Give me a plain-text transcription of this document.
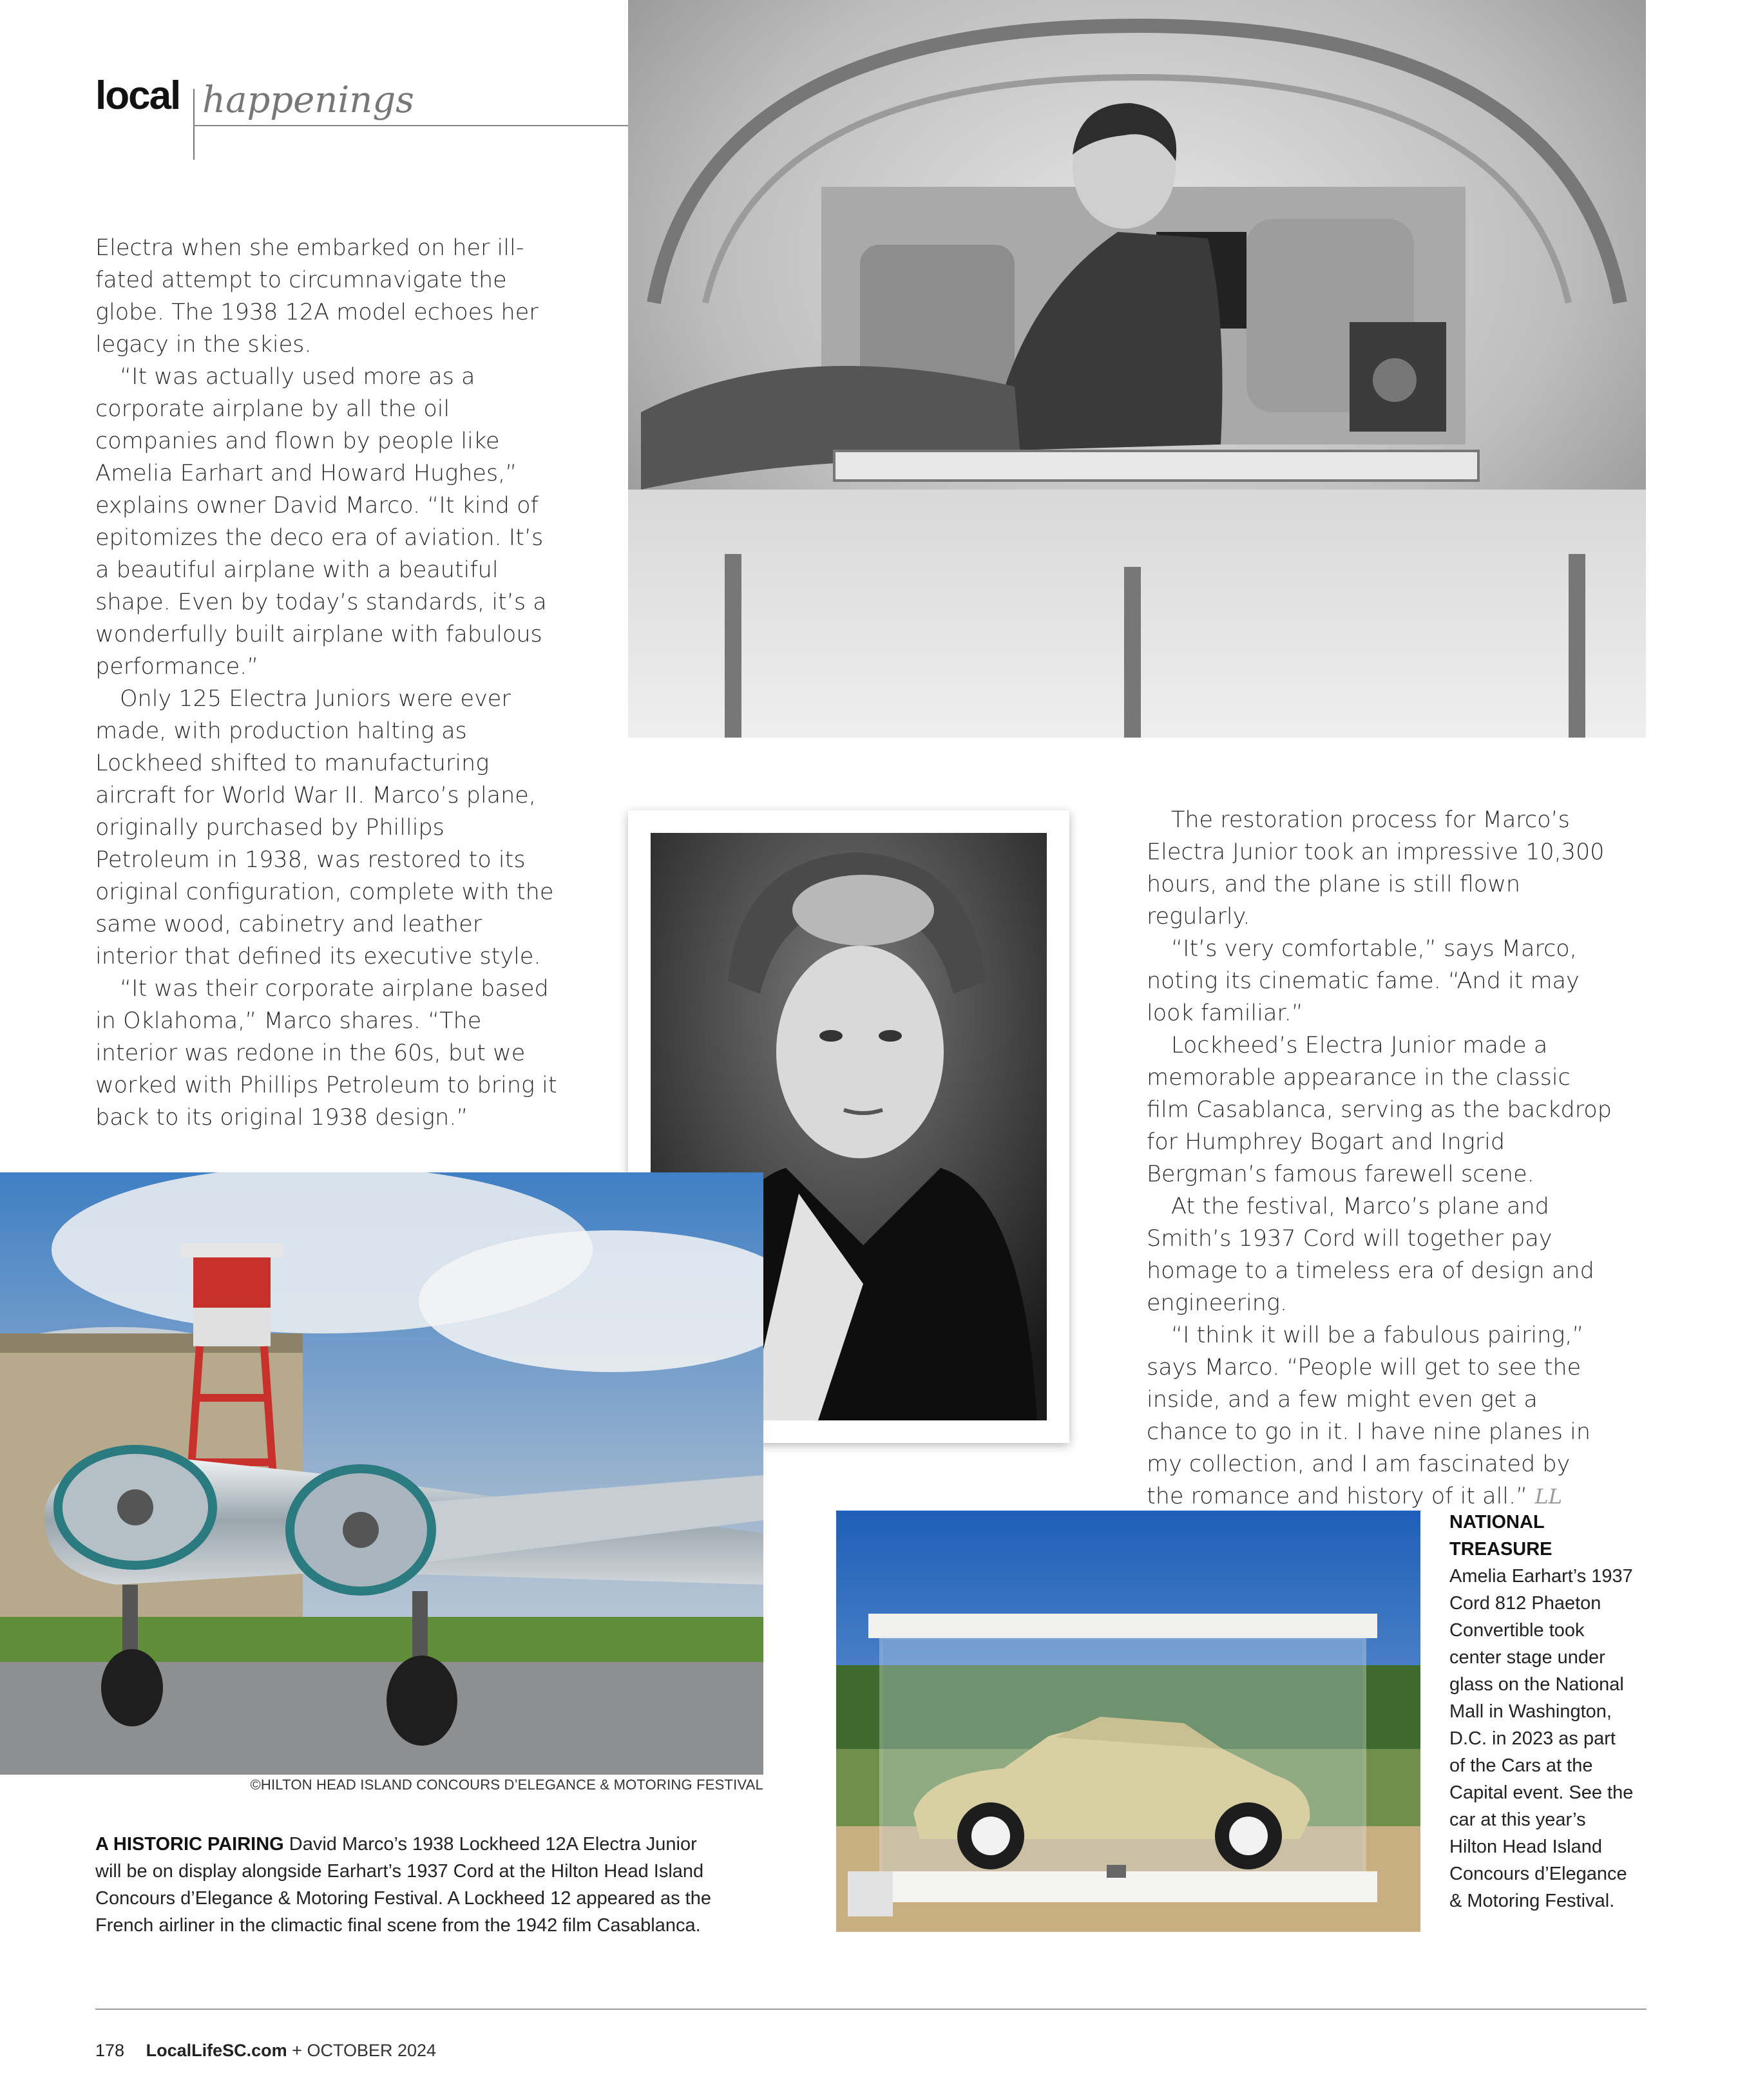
local happenings

Electra when she embarked on her ill-fated attempt to circumnavigate the globe. The 1938 12A model echoes her legacy in the skies.

“It was actually used more as a corporate airplane by all the oil companies and flown by people like Amelia Earhart and Howard Hughes,” explains owner David Marco. “It kind of epitomizes the deco era of aviation. It’s a beautiful airplane with a beautiful shape. Even by today’s standards, it’s a wonderfully built airplane with fabulous performance.”

Only 125 Electra Juniors were ever made, with production halting as Lockheed shifted to manufacturing aircraft for World War II. Marco’s plane, originally purchased by Phillips Petroleum in 1938, was restored to its original configuration, complete with the same wood, cabinetry and leather interior that defined its executive style.

“It was their corporate airplane based in Oklahoma,” Marco shares. “The interior was redone in the 60s, but we worked with Phillips Petroleum to bring it back to its original 1938 design.”

The restoration process for Marco’s Electra Junior took an impressive 10,300 hours, and the plane is still flown regularly.

“It’s very comfortable,” says Marco, noting its cinematic fame. “And it may look familiar.”

Lockheed’s Electra Junior made a memorable appearance in the classic film Casablanca, serving as the backdrop for Humphrey Bogart and Ingrid Bergman’s famous farewell scene.

At the festival, Marco’s plane and Smith’s 1937 Cord will together pay homage to a timeless era of design and engineering.

“I think it will be a fabulous pairing,” says Marco. “People will get to see the inside, and a few might even get a chance to go in it. I have nine planes in my collection, and I am fascinated by the romance and history of it all.” LL

©HILTON HEAD ISLAND CONCOURS D’ELEGANCE & MOTORING FESTIVAL
A HISTORIC PAIRING David Marco’s 1938 Lockheed 12A Electra Junior will be on display alongside Earhart’s 1937 Cord at the Hilton Head Island Concours d’Elegance & Motoring Festival. A Lockheed 12 appeared as the French airliner in the climactic final scene from the 1942 film Casablanca.
NATIONAL TREASURE
Amelia Earhart’s 1937 Cord 812 Phaeton Convertible took center stage under glass on the National Mall in Washington, D.C. in 2023 as part of the Cars at the Capital event. See the car at this year’s Hilton Head Island Concours d’Elegance & Motoring Festival.
178 LocalLifeSC.com + OCTOBER 2024
